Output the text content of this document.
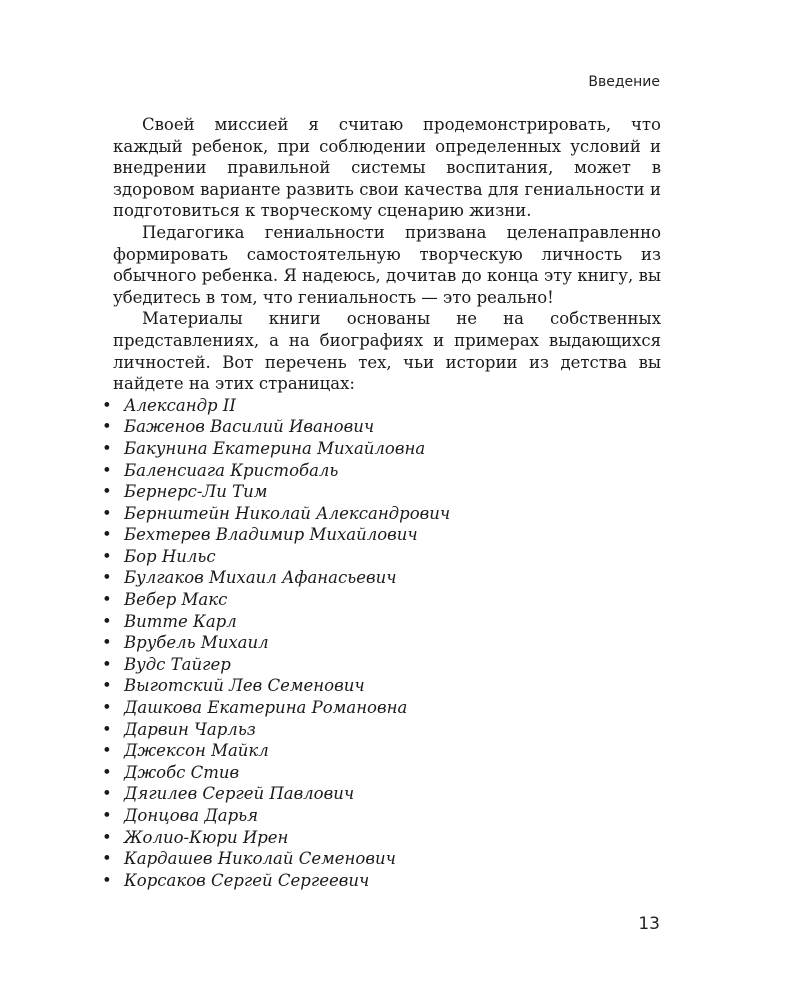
Введение

Своей миссией я считаю продемонстрировать, что каждый ребенок, при соблюдении определенных условий и внедрении правильной системы воспитания, может в здоровом варианте развить свои качества для гениальности и подготовиться к творческому сценарию жизни.

Педагогика гениальности призвана целенаправленно формировать самостоятельную творческую личность из обычного ребенка. Я надеюсь, дочитав до конца эту книгу, вы убедитесь в том, что гениальность — это реально!

Материалы книги основаны не на собственных представлениях, а на биографиях и примерах выдающихся личностей. Вот перечень тех, чьи истории из детства вы найдете на этих страницах:

• Александр II
• Баженов Василий Иванович
• Бакунина Екатерина Михайловна
• Баленсиага Кристобаль
• Бернерс-Ли Тим
• Бернштейн Николай Александрович
• Бехтерев Владимир Михайлович
• Бор Нильс
• Булгаков Михаил Афанасьевич
• Вебер Макс
• Витте Карл
• Врубель Михаил
• Вудс Тайгер
• Выготский Лев Семенович
• Дашкова Екатерина Романовна
• Дарвин Чарльз
• Джексон Майкл
• Джобс Стив
• Дягилев Сергей Павлович
• Донцова Дарья
• Жолио-Кюри Ирен
• Кардашев Николай Семенович
• Корсаков Сергей Сергеевич
13
